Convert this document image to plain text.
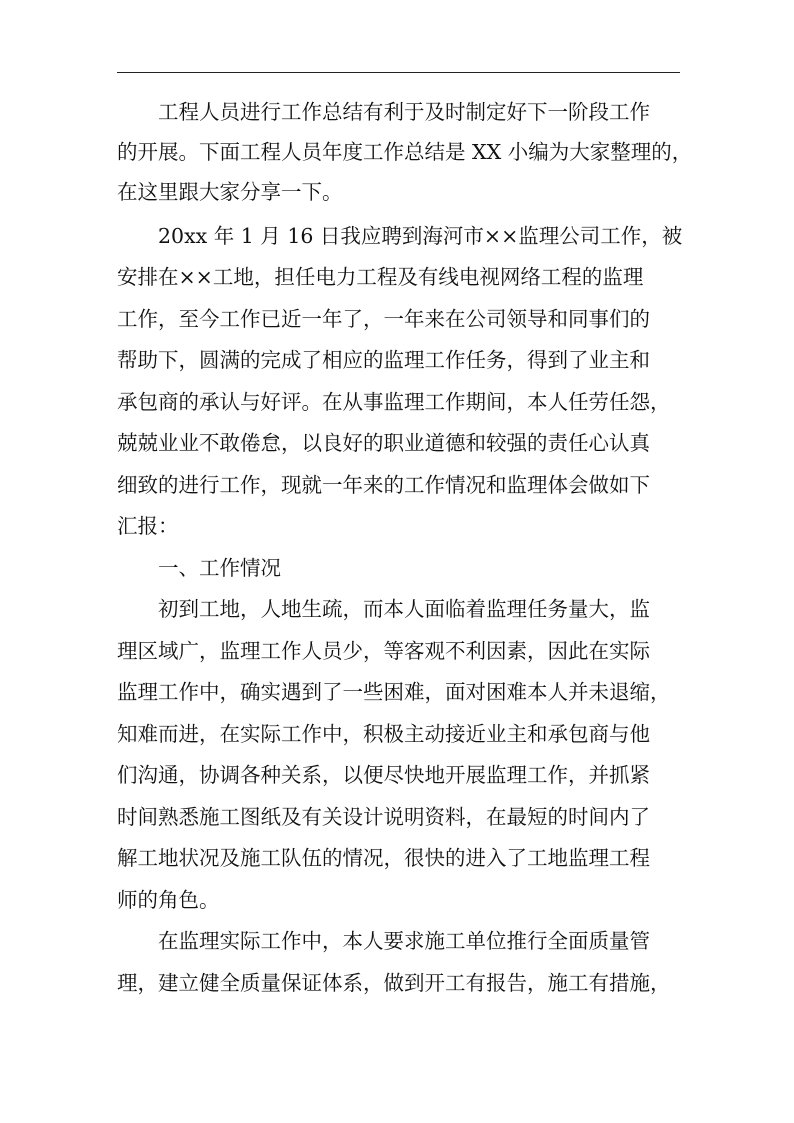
工程人员进行工作总结有利于及时制定好下一阶段工作
的开展。下面工程人员年度工作总结是 XX 小编为大家整理的，
在这里跟大家分享一下。
20xx 年 1 月 16 日我应聘到海河市××监理公司工作，被
安排在××工地，担任电力工程及有线电视网络工程的监理
工作，至今工作已近一年了，一年来在公司领导和同事们的
帮助下，圆满的完成了相应的监理工作任务，得到了业主和
承包商的承认与好评。在从事监理工作期间，本人任劳任怨，
兢兢业业不敢倦怠，以良好的职业道德和较强的责任心认真
细致的进行工作，现就一年来的工作情况和监理体会做如下
汇报：
一、工作情况
初到工地，人地生疏，而本人面临着监理任务量大，监
理区域广，监理工作人员少，等客观不利因素，因此在实际
监理工作中，确实遇到了一些困难，面对困难本人并未退缩，
知难而进，在实际工作中，积极主动接近业主和承包商与他
们沟通，协调各种关系，以便尽快地开展监理工作，并抓紧
时间熟悉施工图纸及有关设计说明资料，在最短的时间内了
解工地状况及施工队伍的情况，很快的进入了工地监理工程
师的角色。
在监理实际工作中，本人要求施工单位推行全面质量管
理，建立健全质量保证体系，做到开工有报告，施工有措施，
